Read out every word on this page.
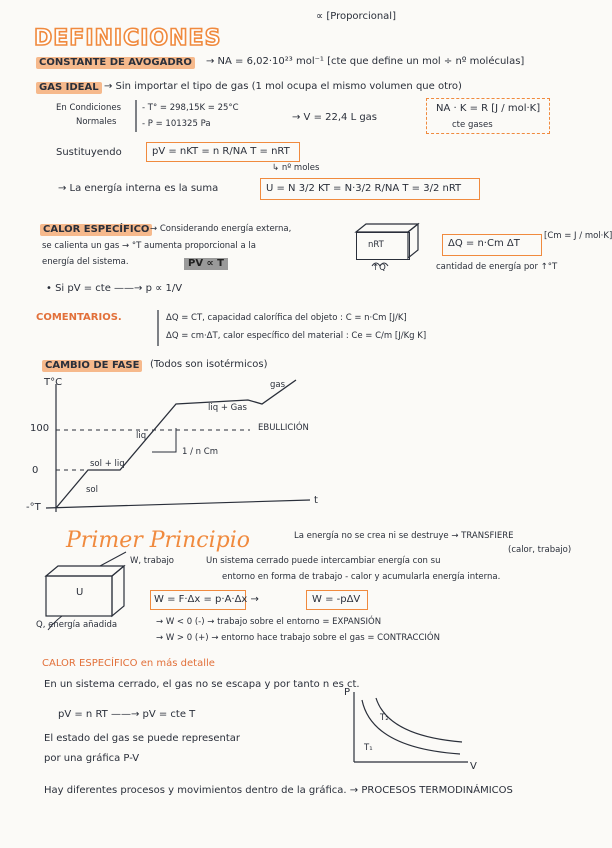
DEFINICIONES
∝ [Proporcional]
CONSTANTE DE AVOGADRO	→ NA = 6,02·10²³ mol⁻¹ [cte que define un mol ÷ nº moléculas]
GAS IDEAL → Sin importar el tipo de gas (1 mol ocupa el mismo volumen que otro)
En Condiciones
Normales
- T° = 298,15K = 25°C
- P = 101325 Pa
→ V = 22,4 L gas
NA · K = R [J / mol·K]
cte gases
Sustituyendo	pV = nKT = n R/NA T = nRT
↳ nº moles
→ La energía interna es la suma	U = N 3/2 KT = N·3/2 R/NA T = 3/2 nRT
CALOR ESPECÍFICO → Considerando energía externa,
se calienta un gas → °T aumenta proporcional a la
energía del sistema.	PV ∝ T
nRT
↑Q
ΔQ = n·Cm ΔT
[Cm = J / mol·K]
cantidad de energía por ↑°T
• Si pV = cte ——→ p ∝ 1/V
COMENTARIOS.	ΔQ = CT, capacidad calorífica del objeto : C = n·Cm [J/K]
ΔQ = cm·ΔT, calor específico del material : Ce = C/m [J/Kg K]
CAMBIO DE FASE	(Todos son isotérmicos)
T°C
t
100
0
-°T
gas
liq + Gas
EBULLICIÓN
liq
sol + liq
sol
1 / n Cm
Primer Principio	La energía no se crea ni se destruye → TRANSFIERE
(calor, trabajo)
W, trabajo
U
Q, energía añadida
Un sistema cerrado puede intercambiar energía con su
entorno en forma de trabajo - calor y acumularla energía interna.
W = F·Δx = p·A·Δx →	W = -pΔV
→ W < 0 (-) → trabajo sobre el entorno = EXPANSIÓN
→ W > 0 (+) → entorno hace trabajo sobre el gas = CONTRACCIÓN
CALOR ESPECÍFICO en más detalle
En un sistema cerrado, el gas no se escapa y por tanto n es ct.
pV = n RT ——→ pV = cte T
El estado del gas se puede representar
por una gráfica P-V
P
V
T₂
T₁
Hay diferentes procesos y movimientos dentro de la gráfica. → PROCESOS TERMODINÁMICOS
